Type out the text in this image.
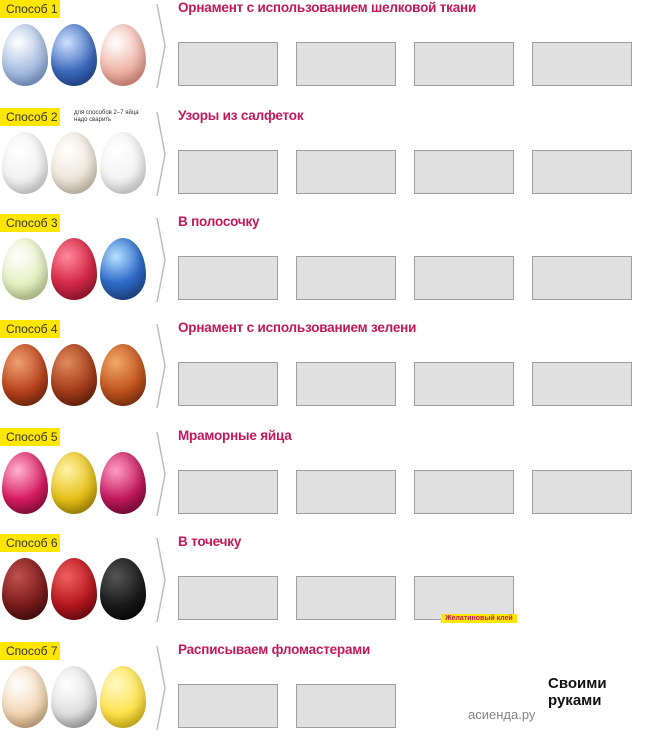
Способ 1	Орнамент с использованием шелковой ткани
Способ 2	для способов 2–7 яйца надо сварить	Узоры из салфеток
Способ 3	В полосочку
Способ 4	Орнамент с использованием зелени
Способ 5	Мраморные яйца
Способ 6	В точечку
Способ 7	Расписываем фломастерами
Желатиновый клей
Своими
руками
асиенда.ру
